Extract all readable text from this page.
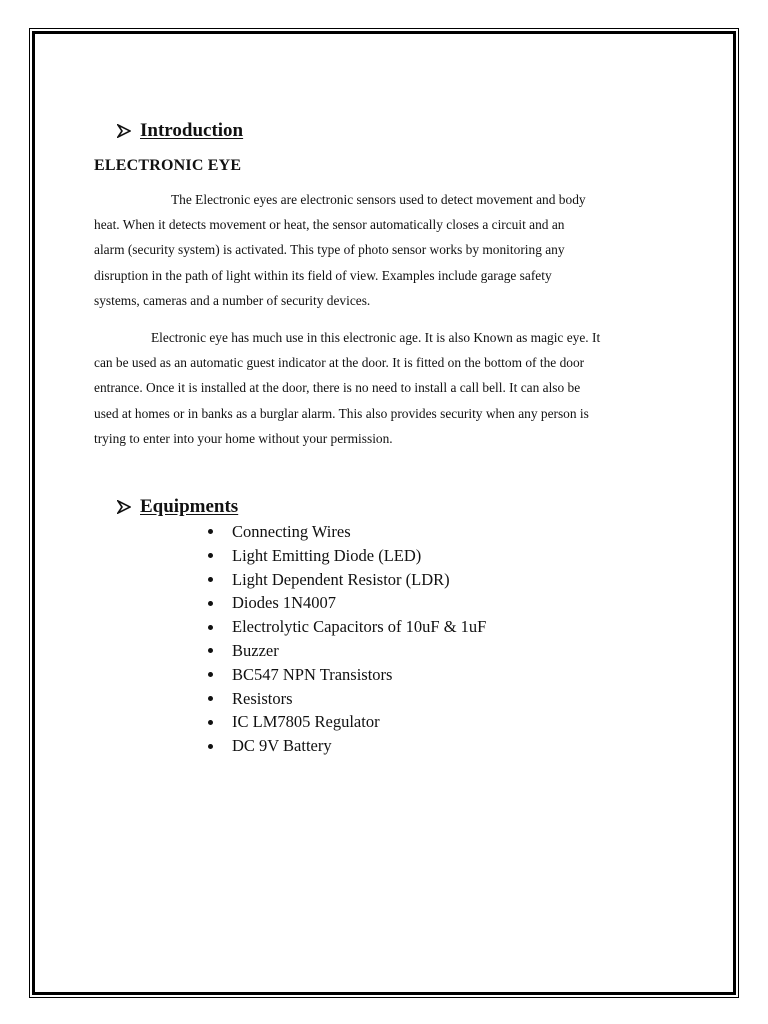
Introduction
ELECTRONIC EYE

The Electronic eyes are electronic sensors used to detect movement and body
heat. When it detects movement or heat, the sensor automatically closes a circuit and an
alarm (security system) is activated. This type of photo sensor works by monitoring any
disruption in the path of light within its field of view. Examples include garage safety
systems, cameras and a number of security devices.

Electronic eye has much use in this electronic age. It is also Known as magic eye. It
can be used as an automatic guest indicator at the door. It is fitted on the bottom of the door
entrance. Once it is installed at the door, there is no need to install a call bell. It can also be
used at homes or in banks as a burglar alarm. This also provides security when any person is
trying to enter into your home without your permission.

Equipments
Connecting Wires
Light Emitting Diode (LED)
Light Dependent Resistor (LDR)
Diodes 1N4007
Electrolytic Capacitors of 10uF & 1uF
Buzzer
BC547 NPN Transistors
Resistors
IC LM7805 Regulator
DC 9V Battery
